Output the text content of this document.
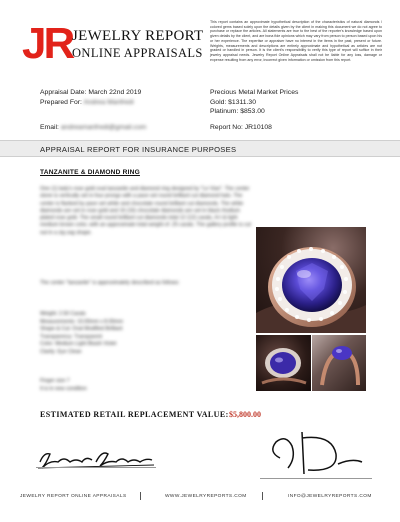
JR JEWELRY REPORT
ONLINE APPRAISALS
This report contains an approximate hypothetical description of the characteristics of natural diamonds / colored gems based solely upon the details given by the client in making this document we do not agree to purchase or replace the articles. All statements are true to the best of the reporter's knowledge based upon given details by the client, and are bona fide opinions which may vary from person to person based upon his or her experience. The expertise or appraiser have no interest in the items in the past, present or future. Weights, measurements and descriptions are entirely approximate and hypothetical as articles are not graded or handled in person. It is the client's responsibility to verify this type of report will suffice in their jewelry appraisal needs. Jewelry Report Online Appraisals shall not be liable for any loss, damage or expense resulting from any error, incorrect given information or omission from this report.
Appraisal Date: March 22nd 2019
Prepared For: Andrea Manfredi
Precious Metal Market Prices
Gold: $1311.30
Platinum: $853.00
Email: andreamanfredi@gmail.com	Report No: JR10108
APPRAISAL REPORT FOR INSURANCE PURPOSES
TANZANITE & DIAMOND RING
One (1) lady's rose gold oval tanzanite and diamond ring designed by "Le Vian". The center stone is vertically set in four prongs with a pave set round brilliant cut diamond halo. The center is flanked by pave set white and chocolate round brilliant cut diamonds. The white diamonds are set in rose gold and 16 (16) chocolate diamonds are set in black rhodium plated rose gold. The small round brilliant cut diamonds total 12 (12) carats, H-I & light medium brown color, with an approximate total weight of .25 carats. The gallery profile is cut out in a zig zag shape.
The center "tanzanite" is approximately described as follows:
Weight: 2.50 Carats
Measurements: 10.00mm x 8.00mm
Shape & Cut: Oval Modified Brilliant
Transparency: Transparent
Color: Medium Light Bluish Violet
Clarity: Eye Clean
Finger size 7
It is in new condition
ESTIMATED RETAIL REPLACEMENT VALUE: $5,800.00
JEWELRY REPORT ONLINE APPRAISALS	WWW.JEWELRYREPORTS.COM	INFO@JEWELRYREPORTS.COM
